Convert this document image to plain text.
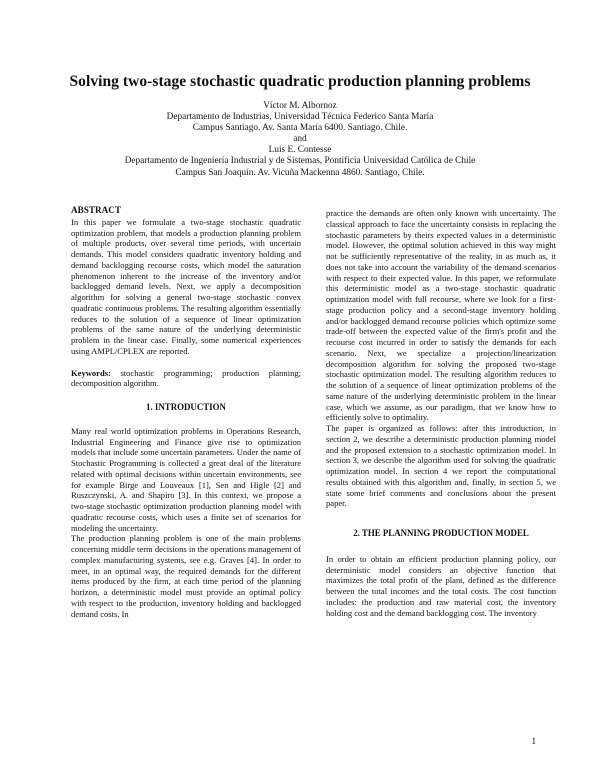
Solving two-stage stochastic quadratic production planning problems
Víctor M. Albornoz
Departamento de Industrias, Universidad Técnica Federico Santa María
Campus Santiago. Av. Santa María 6400. Santiago. Chile.
and
Luis E. Contesse
Departamento de Ingeniería Industrial y de Sistemas, Pontificia Universidad Católica de Chile
Campus San Joaquín. Av. Vicuña Mackenna 4860. Santiago, Chile.
ABSTRACT

In this paper we formulate a two-stage stochastic quadratic optimization problem, that models a production planning problem of multiple products, over several time periods, with uncertain demands. This model considers quadratic inventory holding and demand backlogging recourse costs, which model the saturation phenomenon inherent to the increase of the inventory and/or backlogged demand levels. Next, we apply a decomposition algorithm for solving a general two-stage stochastic convex quadratic continuous problems. The resulting algorithm essentially reduces to the solution of a sequence of linear optimization problems of the same nature of the underlying deterministic problem in the linear case. Finally, some numerical experiences using AMPL/CPLEX are reported.

Keywords: stochastic programming; production planning; decomposition algorithm.

1. INTRODUCTION

Many real world optimization problems in Operations Research, Industrial Engineering and Finance give rise to optimization models that include some uncertain parameters. Under the name of Stochastic Programming is collected a great deal of the literature related with optimal decisions within uncertain environments, see for example Birge and Louveaux [1], Sen and Higle [2] and Ruszczynski, A. and Shapiro [3]. In this context, we propose a two-stage stochastic optimization production planning model with quadratic recourse costs, which uses a finite set of scenarios for modeling the uncertainty.

The production planning problem is one of the main problems concerning middle term decisions in the operations management of complex manufacturing systems, see e.g. Graves [4]. In order to meet, in an optimal way, the required demands for the different items produced by the firm, at each time period of the planning horizon, a deterministic model must provide an optimal policy with respect to the production, inventory holding and backlogged demand costs. In

practice the demands are often only known with uncertainty. The classical approach to face the uncertainty consists in replacing the stochastic parameters by theirs expected values in a deterministic model. However, the optimal solution achieved in this way might not be sufficiently representative of the reality, in as much as, it does not take into account the variability of the demand scenarios with respect to their expected value. In this paper, we reformulate this deterministic model as a two-stage stochastic quadratic optimization model with full recourse, where we look for a first-stage production policy and a second-stage inventory holding and/or backlogged demand recourse policies which optimize some trade-off between the expected value of the firm's profit and the recourse cost incurred in order to satisfy the demands for each scenario. Next, we specialize a projection/linearization decomposition algorithm for solving the proposed two-stage stochastic optimization model. The resulting algorithm reduces to the solution of a sequence of linear optimization problems of the same nature of the underlying deterministic problem in the linear case, which we assume, as our paradigm, that we know how to efficiently solve to optimality.

The paper is organized as follows: after this introduction, in section 2, we describe a deterministic production planning model and the proposed extension to a stochastic optimization model. In section 3, we describe the algorithm used for solving the quadratic optimization model. In section 4 we report the computational results obtained with this algorithm and, finally, in section 5, we state some brief comments and conclusions about the present paper.

2. THE PLANNING PRODUCTION MODEL

In order to obtain an efficient production planning policy, our deterministic model considers an objective function that maximizes the total profit of the plant, defined as the difference between the total incomes and the total costs. The cost function includes: the production and raw material cost, the inventory holding cost and the demand backlogging cost. The inventory

1
